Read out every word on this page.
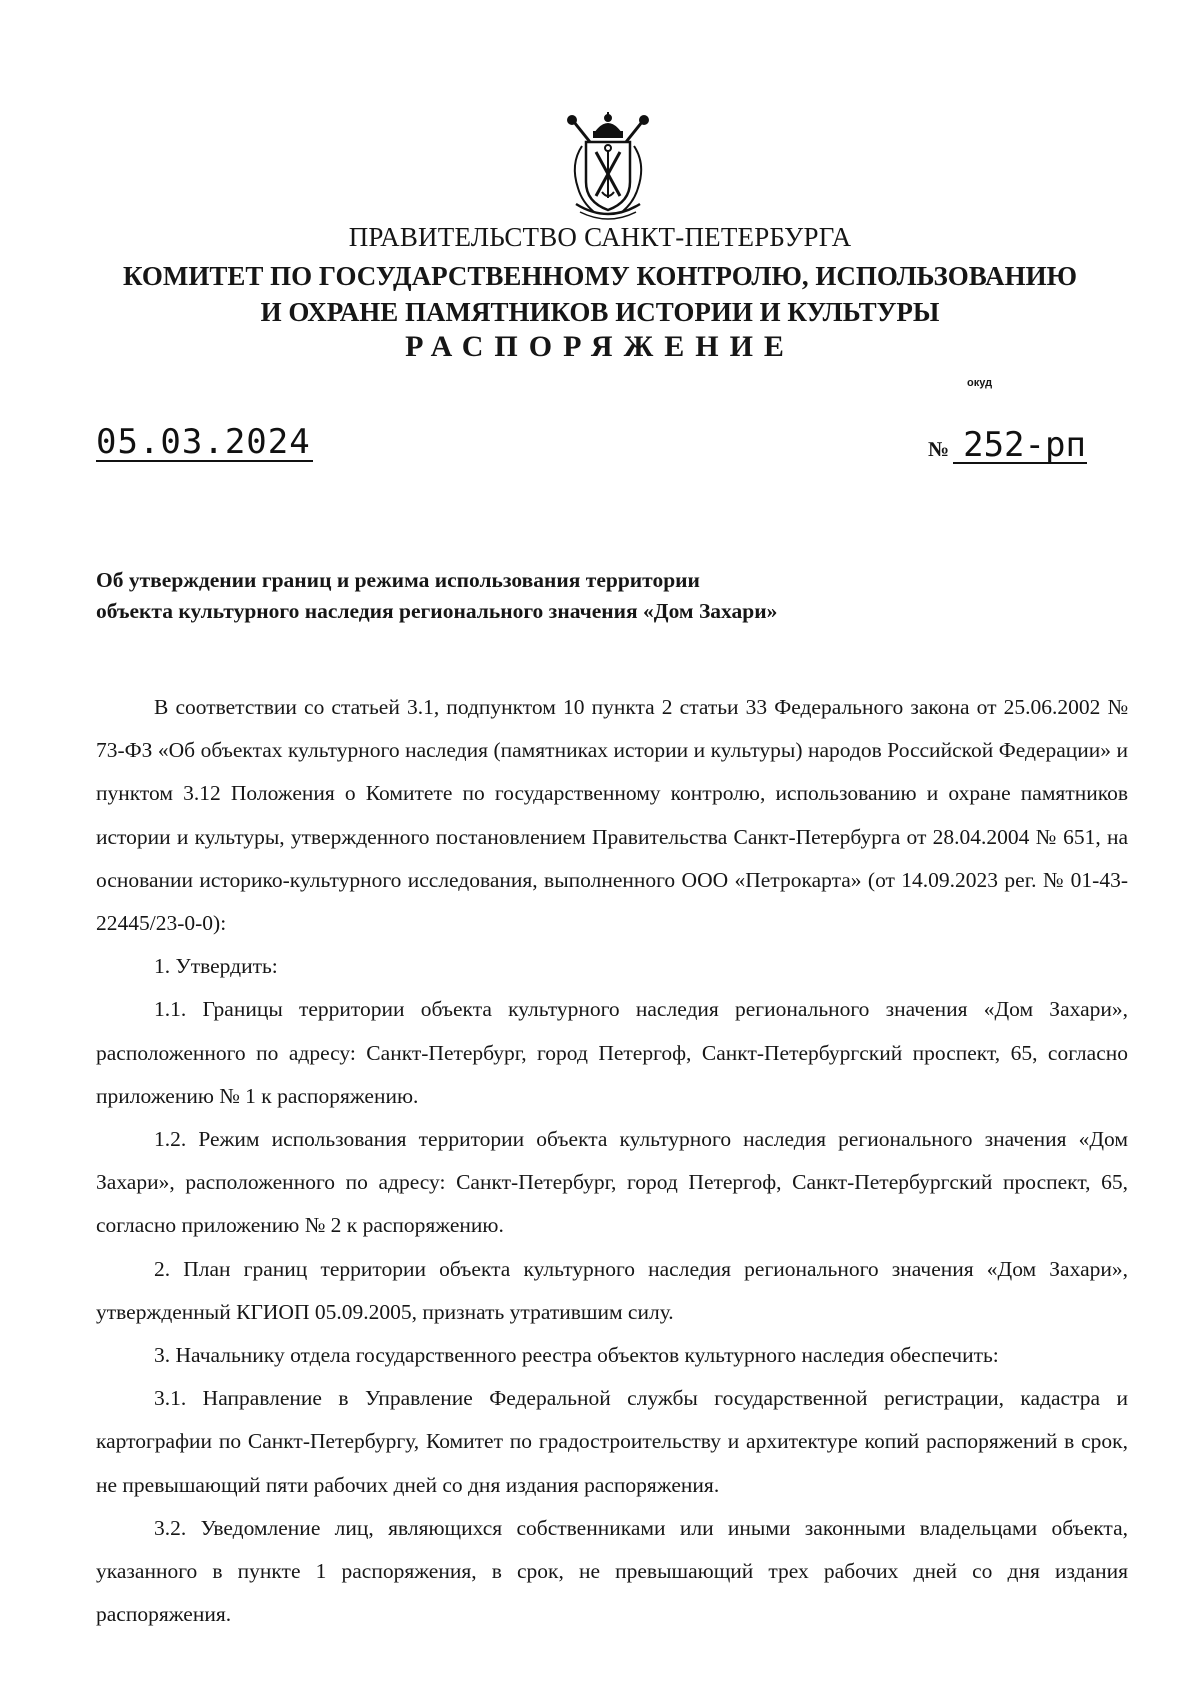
ПРАВИТЕЛЬСТВО САНКТ-ПЕТЕРБУРГА
КОМИТЕТ ПО ГОСУДАРСТВЕННОМУ КОНТРОЛЮ, ИСПОЛЬЗОВАНИЮ
И ОХРАНЕ ПАМЯТНИКОВ ИСТОРИИ И КУЛЬТУРЫ
РАСПОРЯЖЕНИЕ
окуд
05.03.2024	№ 252-рп
Об утверждении границ и режима использования территории
объекта культурного наследия регионального значения «Дом Захари»

В соответствии со статьей 3.1, подпунктом 10 пункта 2 статьи 33 Федерального закона от 25.06.2002 № 73-ФЗ «Об объектах культурного наследия (памятниках истории и культуры) народов Российской Федерации» и пунктом 3.12 Положения о Комитете по государственному контролю, использованию и охране памятников истории и культуры, утвержденного постановлением Правительства Санкт-Петербурга от 28.04.2004 № 651, на основании историко-культурного исследования, выполненного ООО «Петрокарта» (от 14.09.2023 рег. № 01-43-22445/23-0-0):

1. Утвердить:

1.1. Границы территории объекта культурного наследия регионального значения «Дом Захари», расположенного по адресу: Санкт-Петербург, город Петергоф, Санкт-Петербургский проспект, 65, согласно приложению № 1 к распоряжению.

1.2. Режим использования территории объекта культурного наследия регионального значения «Дом Захари», расположенного по адресу: Санкт-Петербург, город Петергоф, Санкт-Петербургский проспект, 65, согласно приложению № 2 к распоряжению.

2. План границ территории объекта культурного наследия регионального значения «Дом Захари», утвержденный КГИОП 05.09.2005, признать утратившим силу.

3. Начальнику отдела государственного реестра объектов культурного наследия обеспечить:

3.1. Направление в Управление Федеральной службы государственной регистрации, кадастра и картографии по Санкт-Петербургу, Комитет по градостроительству и архитектуре копий распоряжений в срок, не превышающий пяти рабочих дней со дня издания распоряжения.

3.2. Уведомление лиц, являющихся собственниками или иными законными владельцами объекта, указанного в пункте 1 распоряжения, в срок, не превышающий трех рабочих дней со дня издания распоряжения.
